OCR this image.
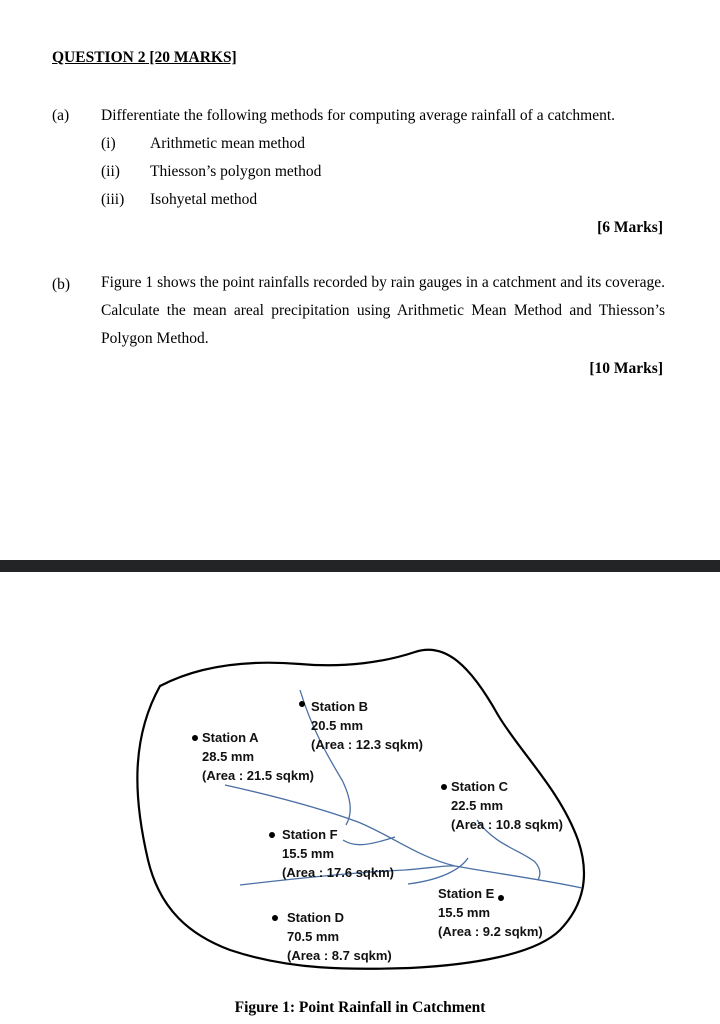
QUESTION 2 [20 MARKS]
(a) Differentiate the following methods for computing average rainfall of a catchment.
(i) Arithmetic mean method
(ii) Thiesson’s polygon method
(iii) Isohyetal method
[6 Marks]
(b) Figure 1 shows the point rainfalls recorded by rain gauges in a catchment and its coverage. Calculate the mean areal precipitation using Arithmetic Mean Method and Thiesson’s Polygon Method.
[10 Marks]
Station A
28.5 mm
(Area : 21.5 sqkm)
Station B
20.5 mm
(Area : 12.3 sqkm)
Station C
22.5 mm
(Area : 10.8 sqkm)
Station F
15.5 mm
(Area : 17.6 sqkm)
Station E
15.5 mm
(Area : 9.2 sqkm)
Station D
70.5 mm
(Area : 8.7 sqkm)
Figure 1: Point Rainfall in Catchment
